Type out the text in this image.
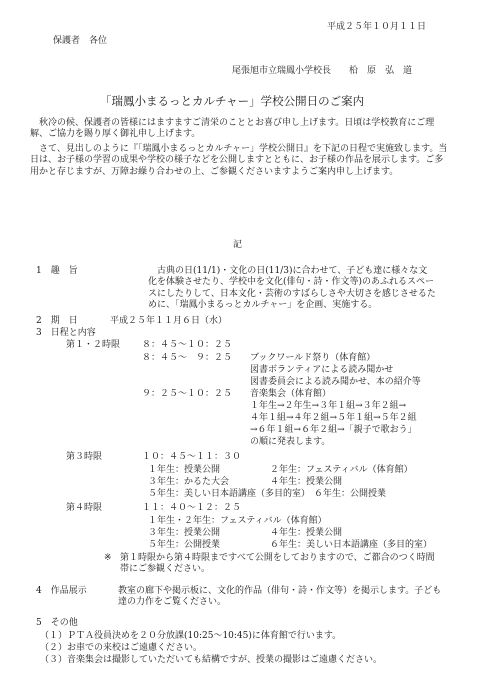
平成２５年１０月１１日
保護者　各位
尾張旭市立瑞鳳小学校長　　柗　原　弘　道
「瑞鳳小まるっとカルチャー」学校公開日のご案内
秋冷の候、保護者の皆様にはますますご清栄のこととお喜び申し上げます。日頃は学校教育にご理解、ご協力を賜り厚く御礼申し上げます。
さて、見出しのように『「瑞鳳小まるっとカルチャー」学校公開日』を下記の日程で実施致します。当日は、お子様の学習の成果や学校の様子などを公開しますとともに、お子様の作品を展示します。ご多用かと存じますが、万障お繰り合わせの上、ご参観くださいますようご案内申し上げます。
記
1　趣　旨	古典の日(11/1)・文化の日(11/3)に合わせて、子ども達に様々な文化を体験させたり、学校中を文化(俳句・詩・作文等)のあふれるスペースにしたりして、日本文化・芸術のすばらしさや大切さを感じさせるために、「瑞鳳小まるっとカルチャー」を企画、実施する。
2　期　日	平成２５年１１月６日（水）
3　日程と内容
第１・２時限 ８：４５～１０：２５
８：４５～　９：２５ ブックワールド祭り（体育館）
図書ボランティアによる読み聞かせ
図書委員会による読み聞かせ、本の紹介等
９：２５～１０：２５ 音楽集会（体育館）
１年生→２年生→３年１組→３年２組→
４年１組→４年２組→５年１組→５年２組
→６年１組→６年２組→「親子で歌おう」
の順に発表します。
第３時限	１０：４５～１１：３０
１年生：授業公開	２年生：フェスティバル（体育館）
３年生：かるた大会	４年生：授業公開
５年生：美しい日本語講座（多目的室） ６年生：公開授業
第４時限	１１：４０～１２：２５
１年生・２年生：フェスティバル（体育館）
３年生：授業公開	４年生：授業公開
５年生：公開授業	６年生：美しい日本語講座（多目的室）
※ 第１時限から第４時限まですべて公開をしておりますので、ご都合のつく時間帯にご参観ください。
4　作品展示	教室の廊下や掲示板に、文化的作品（俳句・詩・作文等）を掲示します。子ども達の力作をご覧ください。
5　その他
（１）ＰＴＡ役員決めを２０分放課(10:25～10:45)に体育館で行います。
（２）お車での来校はご遠慮ください。
（３）音楽集会は撮影していただいても結構ですが、授業の撮影はご遠慮ください。
